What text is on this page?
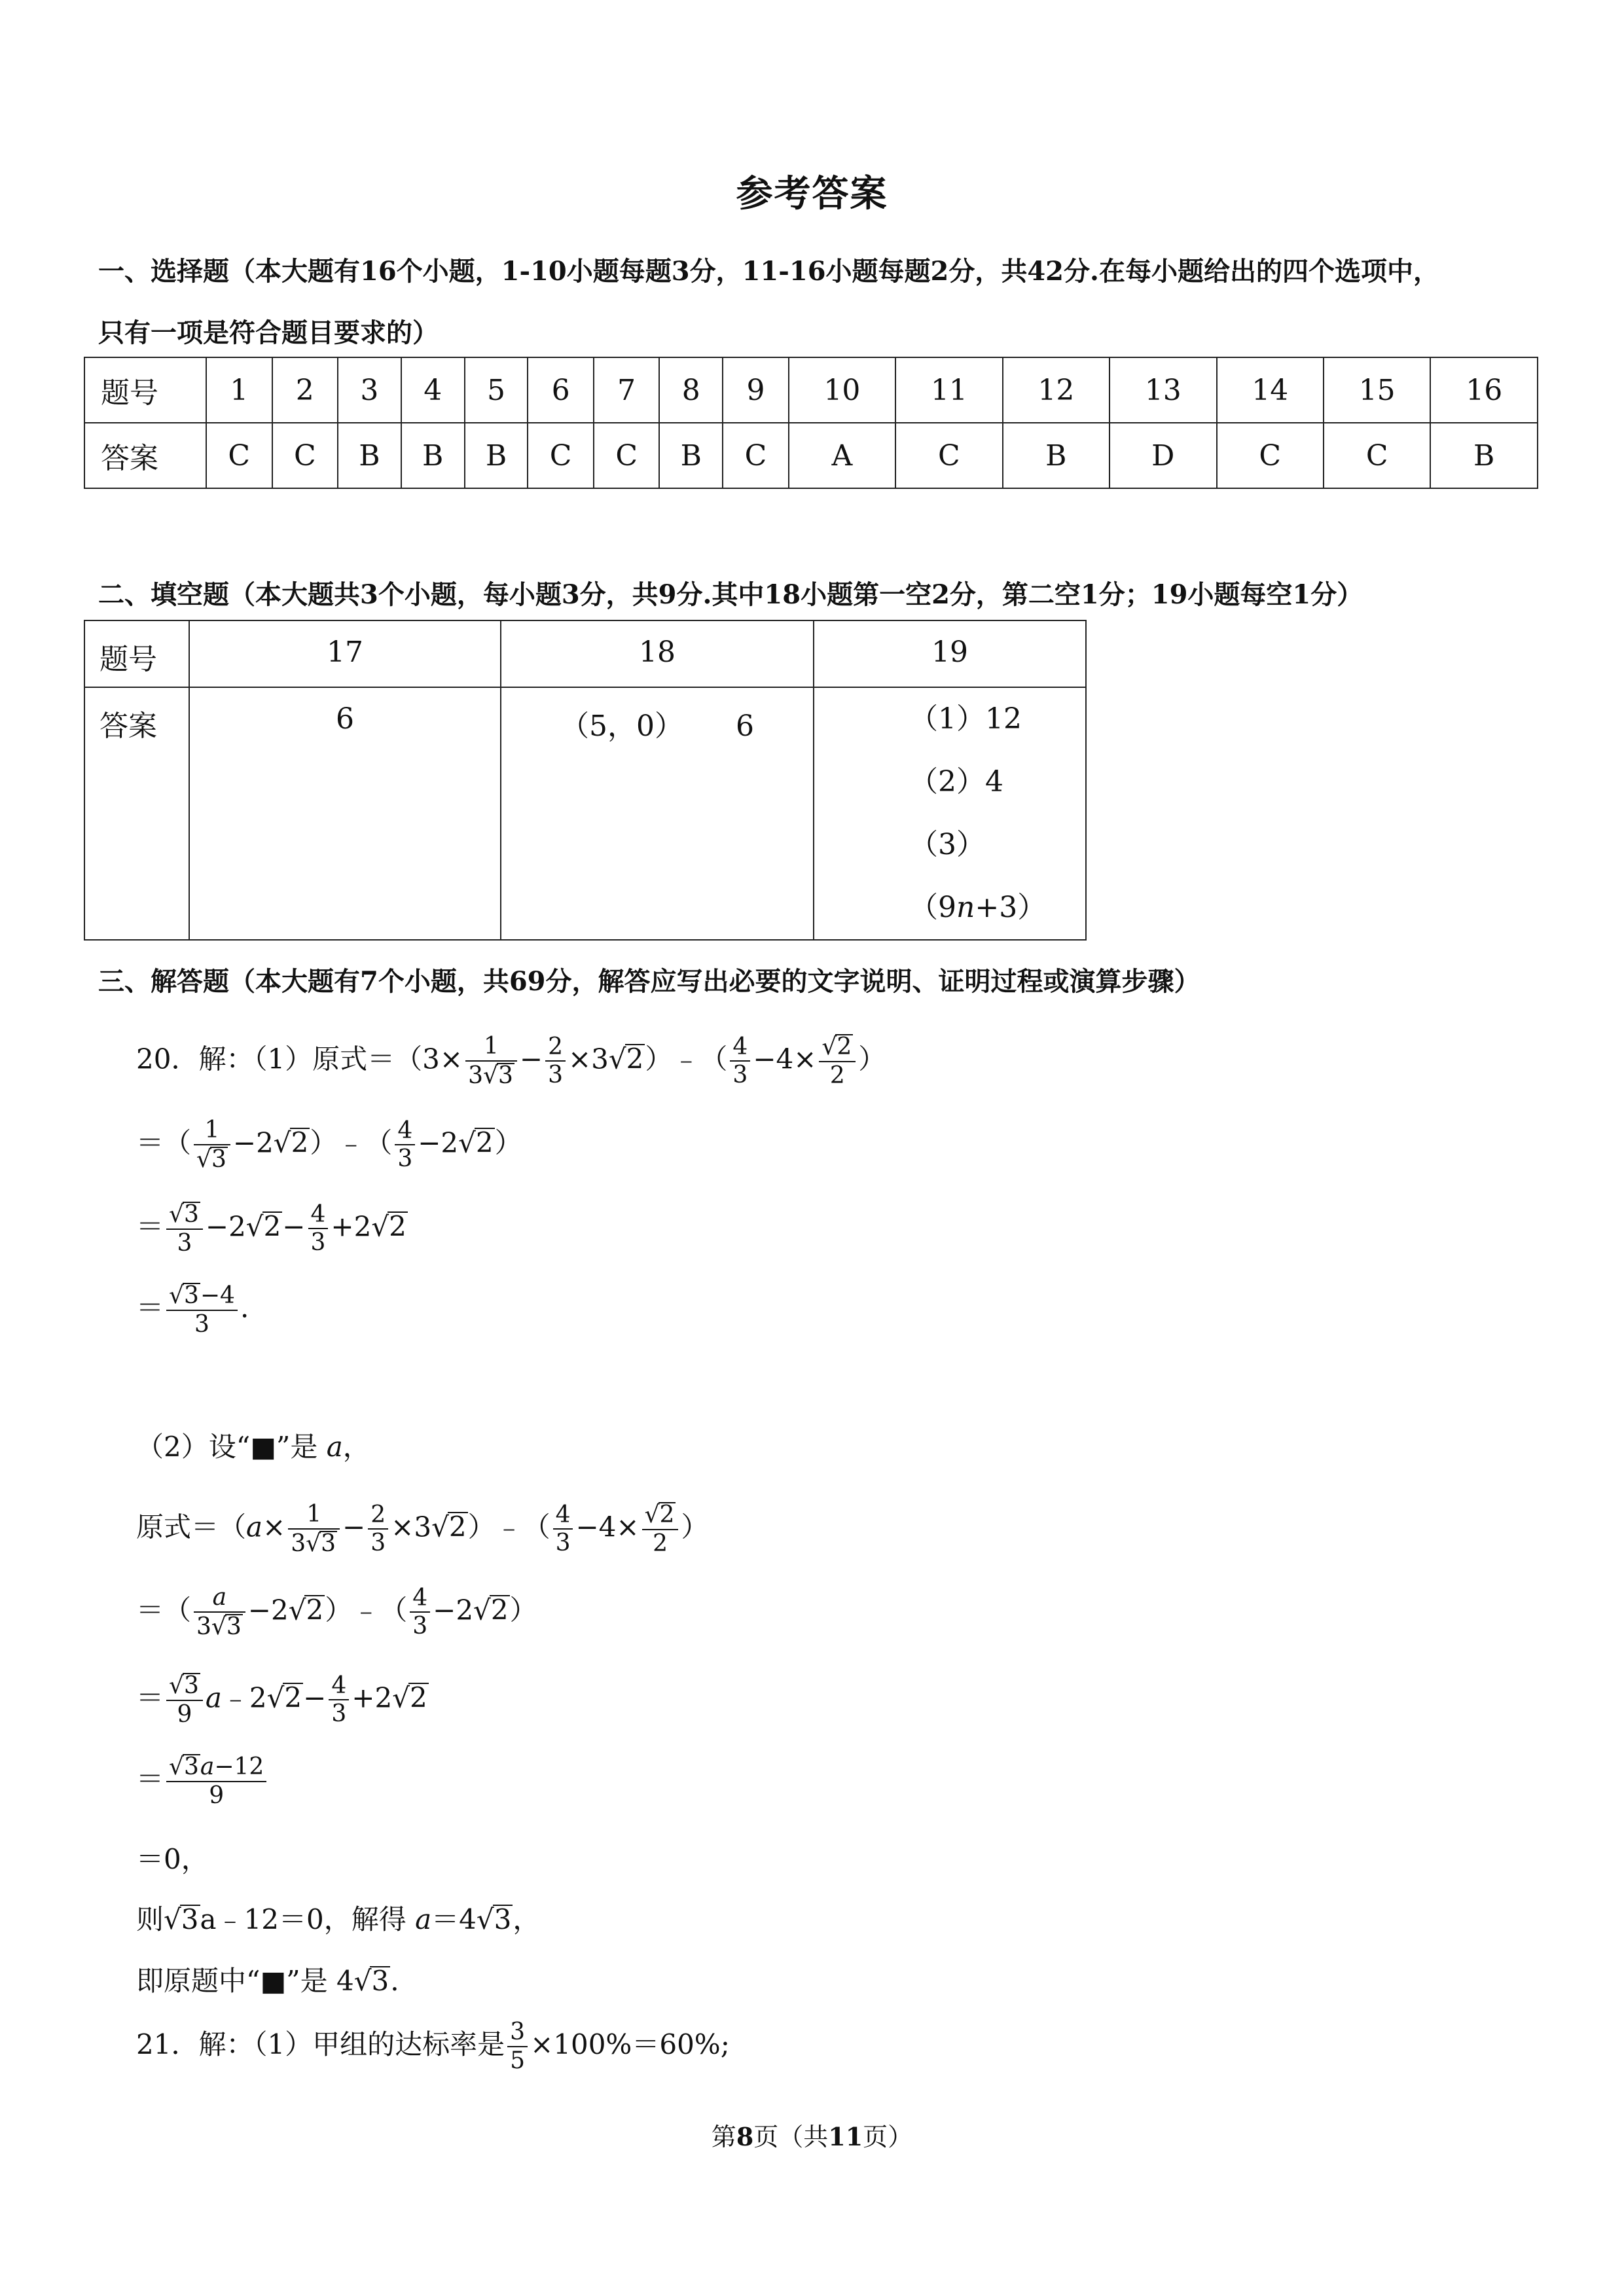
参考答案
一、选择题（本大题有16个小题，1-10小题每题3分，11-16小题每题2分，共42分.在每小题给出的四个选项中，
只有一项是符合题目要求的）
题号	1	2	3	4	5	6	7	8	9	10	11	12	13	14	15	16
答案	C	C	B	B	B	C	C	B	C	A	C	B	D	C	C	B
二、填空题（本大题共3个小题，每小题3分，共9分.其中18小题第一空2分，第二空1分；19小题每空1分）
题号	17	18	19
答案	6	（5，0） 6	（1）12
（2）4
（3）（9n+3）
三、解答题（本大题有7个小题，共69分，解答应写出必要的文字说明、证明过程或演算步骤）
20．解：（1）原式$=(3\times \frac{1}{3√3} - \frac{2}{3}$ ×3√2）﹣（ $\frac{4}{3} -4\times \frac{√2}{2}$ ）
＝（ $\frac{1}{√3}$ −2√2）﹣（ $\frac{4}{3} -2√2$）
＝ $\frac{√3}{3} -2√2- \frac{4}{3} +2√2$
＝ $\frac{√3-4}{3}$ .
（2）设“■”是 a，
原式$=(a\times \frac{1}{3√3} - \frac{2}{3}$ ×3√2）﹣（ $\frac{4}{3} -4\times \frac{√2}{2}$ ）
＝（ $\frac{a}{3√3}$ −2√2）﹣（ $\frac{4}{3} -2√2$）
＝ $\frac{√3}{9}$ a﹣2√2− $\frac{4}{3} +2√2$
＝ $\frac{√3a-12}{9}$
＝0，
则√3a﹣12＝0，解得 a＝4√3，
即原题中“■”是 4√3.
21．解：（1）甲组的达标率是 $\frac{3}{5} \times 100\%=60\%$;
第8页（共11页）
